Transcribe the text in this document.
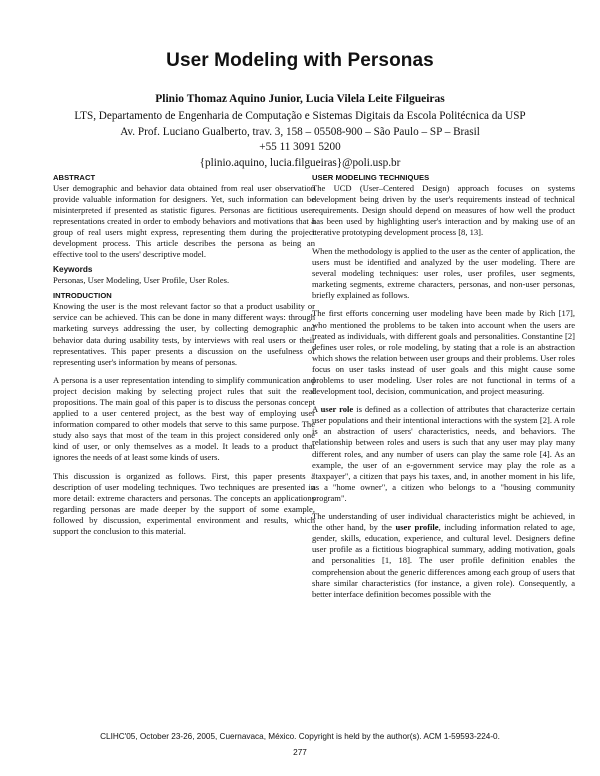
User Modeling with Personas
Plinio Thomaz Aquino Junior, Lucia Vilela Leite Filgueiras
LTS, Departamento de Engenharia de Computação e Sistemas Digitais da Escola Politécnica da USP
Av. Prof. Luciano Gualberto, trav. 3, 158 – 05508-900 – São Paulo – SP – Brasil
+55 11 3091 5200
{plinio.aquino, lucia.filgueiras}@poli.usp.br
ABSTRACT

User demographic and behavior data obtained from real user observation provide valuable information for designers. Yet, such information can be misinterpreted if presented as statistic figures. Personas are fictitious user representations created in order to embody behaviors and motivations that a group of real users might express, representing them during the project development process. This article describes the persona as being an effective tool to the users' descriptive model.

Keywords

Personas, User Modeling, User Profile, User Roles.

INTRODUCTION

Knowing the user is the most relevant factor so that a product usability or service can be achieved. This can be done in many different ways: through marketing surveys addressing the user, by collecting demographic and behavior data during usability tests, by interviews with real users or their representatives. This paper presents a discussion on the usefulness of representing user's information by means of personas.

A persona is a user representation intending to simplify communication and project decision making by selecting project rules that suit the real propositions. The main goal of this paper is to discuss the personas concept applied to a user centered project, as the best way of employing user information compared to other models that serve to this same purpose. The study also says that most of the team in this project considered only one kind of user, or only themselves as a model. It leads to a product that ignores the needs of at least some kinds of users.

This discussion is organized as follows. First, this paper presents a description of user modeling techniques. Two techniques are presented in more detail: extreme characters and personas. The concepts an applications regarding personas are made deeper by the support of some example, followed by discussion, experimental environment and results, which support the conclusion to this material.

USER MODELING TECHNIQUES

The UCD (User–Centered Design) approach focuses on systems development being driven by the user's requirements instead of technical requirements. Design should depend on measures of how well the product has been used by highlighting user's interaction and by making use of an iterative prototyping development process [8, 13].

When the methodology is applied to the user as the center of application, the users must be identified and analyzed by the user modeling. There are several modeling techniques: user roles, user profiles, user segments, marketing segments, extreme characters, personas, and non-user personas, briefly explained as follows.

The first efforts concerning user modeling have been made by Rich [17], who mentioned the problems to be taken into account when the users are treated as individuals, with different goals and personalities. Constantine [2] defines user roles, or role modeling, by stating that a role is an abstraction which shows the relation between user groups and their problems. User roles focus on user tasks instead of user goals and this might cause some problems to user modeling. User roles are not functional in terms of a development tool, decision, communication, and project measuring.

A user role is defined as a collection of attributes that characterize certain user populations and their intentional interactions with the system [2]. A role is an abstraction of users' characteristics, needs, and behaviors. The relationship between roles and users is such that any user may play many different roles, and any number of users can play the same role [4]. As an example, the user of an e-government service may play the role as a "taxpayer", a citizen that pays his taxes, and, in another moment in his life, as a "home owner", a citizen who belongs to a "housing community program".

The understanding of user individual characteristics might be achieved, in the other hand, by the user profile, including information related to age, gender, skills, education, experience, and cultural level. Designers define user profile as a fictitious biographical summary, adding motivation, goals and personalities [1, 18]. The user profile definition enables the comprehension about the generic differences among each group of users that share similar characteristics (for instance, a given role). Consequently, a better interface definition becomes possible with the

CLIHC'05, October 23-26, 2005, Cuernavaca, México. Copyright is held by the author(s). ACM 1-59593-224-0.
277
